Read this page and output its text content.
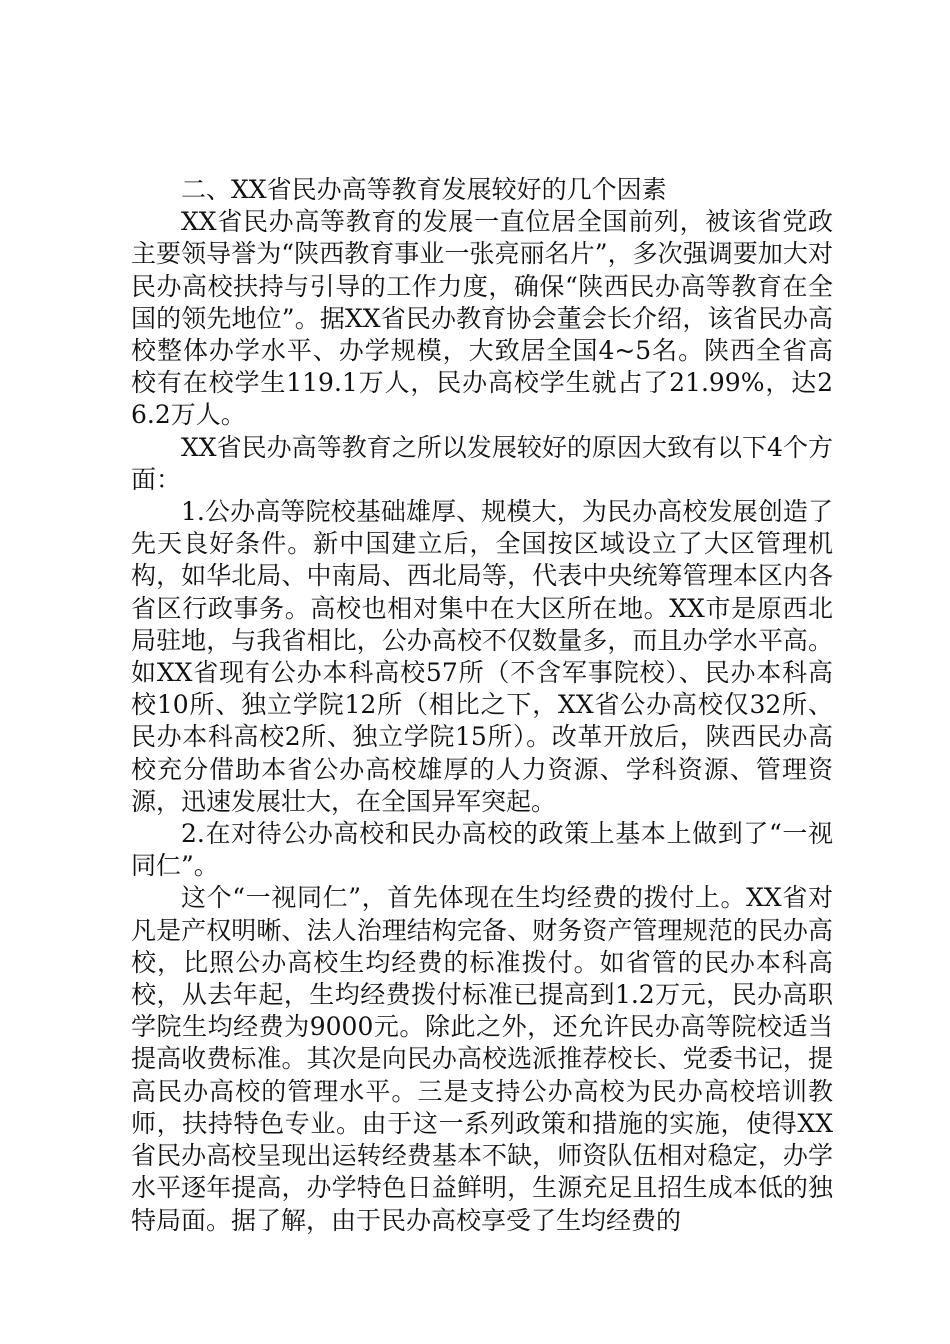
二、XX省民办高等教育发展较好的几个因素

XX省民办高等教育的发展一直位居全国前列，被该省党政主要领导誉为“陕西教育事业一张亮丽名片”，多次强调要加大对民办高校扶持与引导的工作力度，确保“陕西民办高等教育在全国的领先地位”。据XX省民办教育协会董会长介绍，该省民办高校整体办学水平、办学规模，大致居全国4~5名。陕西全省高校有在校学生119.1万人，民办高校学生就占了21.99%，达26.2万人。

XX省民办高等教育之所以发展较好的原因大致有以下4个方面：

1.公办高等院校基础雄厚、规模大，为民办高校发展创造了先天良好条件。新中国建立后，全国按区域设立了大区管理机构，如华北局、中南局、西北局等，代表中央统筹管理本区内各省区行政事务。高校也相对集中在大区所在地。XX市是原西北局驻地，与我省相比，公办高校不仅数量多，而且办学水平高。如XX省现有公办本科高校57所（不含军事院校）、民办本科高校10所、独立学院12所（相比之下，XX省公办高校仅32所、民办本科高校2所、独立学院15所）。改革开放后，陕西民办高校充分借助本省公办高校雄厚的人力资源、学科资源、管理资源，迅速发展壮大，在全国异军突起。

2.在对待公办高校和民办高校的政策上基本上做到了“一视同仁”。

这个“一视同仁”，首先体现在生均经费的拨付上。XX省对凡是产权明晰、法人治理结构完备、财务资产管理规范的民办高校，比照公办高校生均经费的标准拨付。如省管的民办本科高校，从去年起，生均经费拨付标准已提高到1.2万元，民办高职学院生均经费为9000元。除此之外，还允许民办高等院校适当提高收费标准。其次是向民办高校选派推荐校长、党委书记，提高民办高校的管理水平。三是支持公办高校为民办高校培训教师，扶持特色专业。由于这一系列政策和措施的实施，使得XX省民办高校呈现出运转经费基本不缺，师资队伍相对稳定，办学水平逐年提高，办学特色日益鲜明，生源充足且招生成本低的独特局面。据了解，由于民办高校享受了生均经费的
